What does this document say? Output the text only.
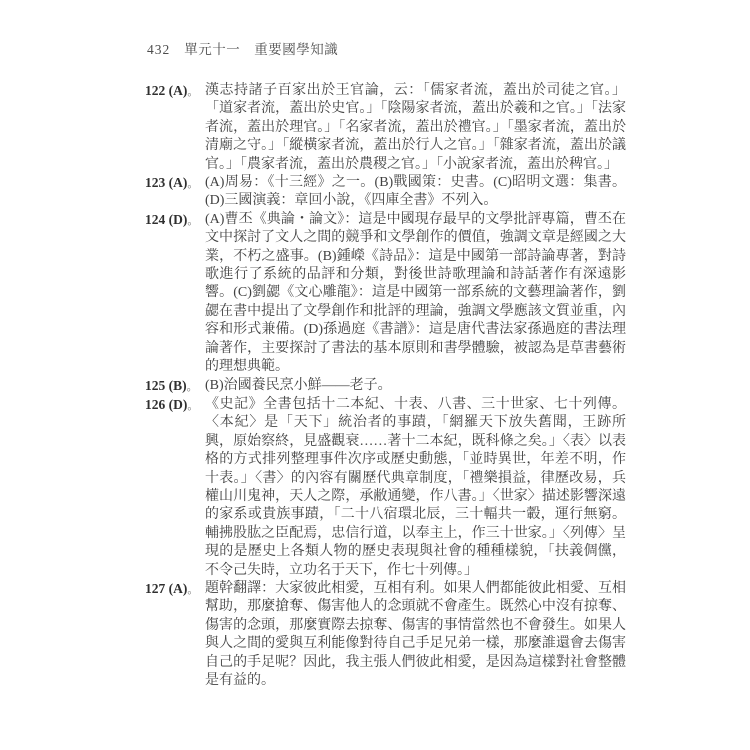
432 單元十一　重要國學知識
122 (A)。 漢志持諸子百家出於王官論，云：「儒家者流，蓋出於司徒之官。」「道家者流，蓋出於史官。」「陰陽家者流，蓋出於羲和之官。」「法家者流，蓋出於理官。」「名家者流，蓋出於禮官。」「墨家者流，蓋出於清廟之守。」「縱橫家者流，蓋出於行人之官。」「雜家者流，蓋出於議官。」「農家者流，蓋出於農稷之官。」「小說家者流，蓋出於稗官。」
123 (A)。 (A)周易：《十三經》之一。(B)戰國策：史書。(C)昭明文選：集書。(D)三國演義：章回小說，《四庫全書》不列入。
124 (D)。 (A)曹丕《典論・論文》：這是中國現存最早的文學批評專篇，曹丕在文中探討了文人之間的競爭和文學創作的價值，強調文章是經國之大業，不朽之盛事。(B)鍾嶸《詩品》：這是中國第一部詩論專著，對詩歌進行了系統的品評和分類，對後世詩歌理論和詩話著作有深遠影響。(C)劉勰《文心雕龍》：這是中國第一部系統的文藝理論著作，劉勰在書中提出了文學創作和批評的理論，強調文學應該文質並重，內容和形式兼備。(D)孫過庭《書譜》：這是唐代書法家孫過庭的書法理論著作，主要探討了書法的基本原則和書學體驗，被認為是草書藝術的理想典範。
125 (B)。 (B)治國養民烹小鮮——老子。
126 (D)。 《史記》全書包括十二本紀、十表、八書、三十世家、七十列傳。〈本紀〉是「天下」統治者的事蹟，「網羅天下放失舊聞，王跡所興，原始察終，見盛觀衰……著十二本紀，既科條之矣。」〈表〉以表格的方式排列整理事件次序或歷史動態，「並時異世，年差不明，作十表。」〈書〉的內容有關歷代典章制度，「禮樂損益，律歷改易，兵權山川鬼神，天人之際，承敝通變，作八書。」〈世家〉描述影響深遠的家系或貴族事蹟，「二十八宿環北辰，三十輻共一轂，運行無窮。輔拂股肱之臣配焉，忠信行道，以奉主上，作三十世家。」〈列傳〉呈現的是歷史上各類人物的歷史表現與社會的種種樣貌，「扶義倜儻，不令己失時，立功名于天下，作七十列傳。」
127 (A)。 題幹翻譯：大家彼此相愛，互相有利。如果人們都能彼此相愛、互相幫助，那麼搶奪、傷害他人的念頭就不會產生。既然心中沒有掠奪、傷害的念頭，那麼實際去掠奪、傷害的事情當然也不會發生。如果人與人之間的愛與互利能像對待自己手足兄弟一樣，那麼誰還會去傷害自己的手足呢？因此，我主張人們彼此相愛，是因為這樣對社會整體是有益的。
